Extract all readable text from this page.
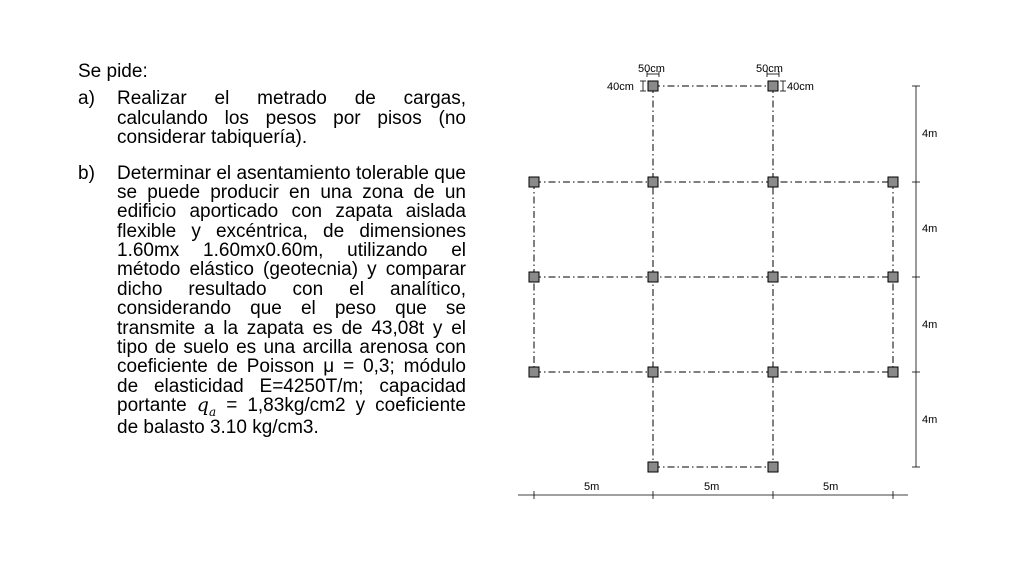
Se pide:

a)	Realizar el metrado de cargas, calculando los pesos por pisos (no considerar tabiquería).
b)	Determinar el asentamiento tolerable que se puede producir en una zona de un edificio aporticado con zapata aislada flexible y excéntrica, de dimensiones 1.60mx 1.60mx0.60m, utilizando el método elástico (geotecnia) y comparar dicho resultado con el analítico, considerando que el peso que se transmite a la zapata es de 43,08t y el tipo de suelo es una arcilla arenosa con coeficiente de Poisson μ = 0,3; módulo de elasticidad E=4250T/m; capacidad portante $q_a = 1,83kg/cm2$ y coeficiente de balasto 3.10 kg/cm3.
50cm
40cm
50cm
40cm
4m
4m
4m
4m
5m	5m	5m
